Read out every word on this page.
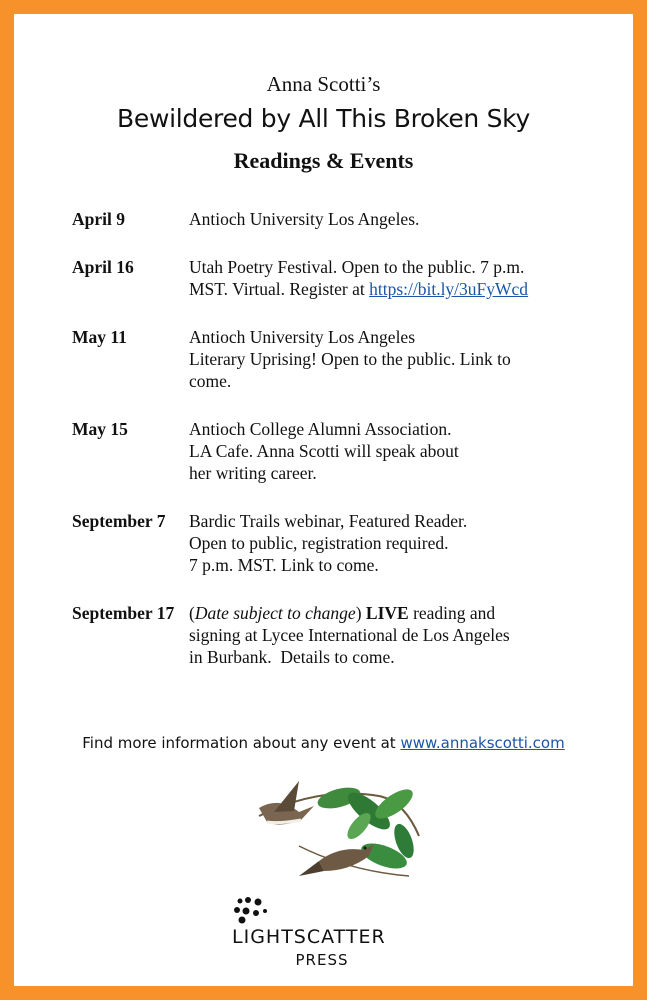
Anna Scotti’s
Bewildered by All This Broken Sky
Readings & Events
April 9	Antioch University Los Angeles.
April 16	Utah Poetry Festival. Open to the public. 7 p.m.
MST. Virtual. Register at https://bit.ly/3uFyWcd
May 11	Antioch University Los Angeles
Literary Uprising! Open to the public. Link to
come.
May 15	Antioch College Alumni Association.
LA Cafe. Anna Scotti will speak about
her writing career.
September 7	Bardic Trails webinar, Featured Reader.
Open to public, registration required.
7 p.m. MST. Link to come.
September 17 (Date subject to change) LIVE reading and
signing at Lycee International de Los Angeles
in Burbank.  Details to come.
Find more information about any event at www.annakscotti.com
LIGHTSCATTER
PRESS
